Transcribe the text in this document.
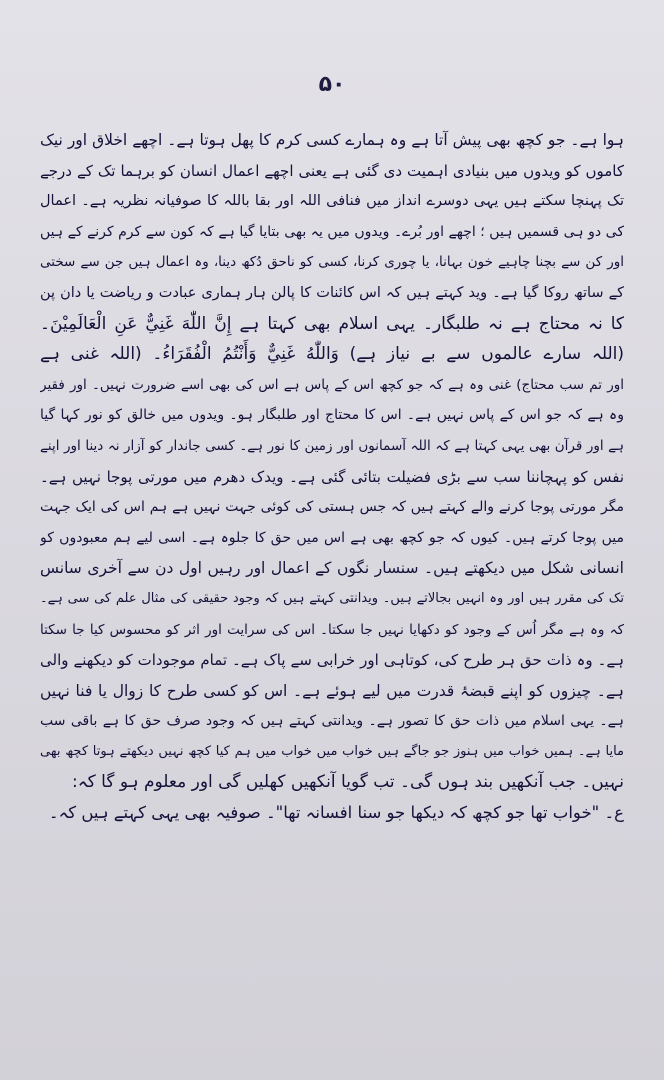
۵۰
ہوا ہے۔ جو کچھ بھی پیش آتا ہے وہ ہمارے کسی کرم کا پھل ہوتا ہے۔ اچھے اخلاق اور نیک
کاموں کو ویدوں میں بنیادی اہمیت دی گئی ہے یعنی اچھے اعمال انسان کو برہما تک کے درجے
تک پہنچا سکتے ہیں یہی دوسرے انداز میں فنافی اللہ اور بقا باللہ کا صوفیانہ نظریہ ہے۔ اعمال
کی دو ہی قسمیں ہیں ؛ اچھے اور بُرے۔ ویدوں میں یہ بھی بتایا گیا ہے کہ کون سے کرم کرنے کے ہیں
اور کن سے بچنا چاہیے خون بہانا، یا چوری کرنا، کسی کو ناحق دُکھ دینا، وہ اعمال ہیں جن سے سختی
کے ساتھ روکا گیا ہے۔ وید کہتے ہیں کہ اس کائنات کا پالن ہار ہماری عبادت و ریاضت یا دان پن
کا نہ محتاج ہے نہ طلبگار۔ یہی اسلام بھی کہتا ہے إِنَّ اللّٰهَ غَنِيٌّ عَنِ الْعَالَمِيْنَ۔
(اللہ سارے عالموں سے بے نیاز ہے) وَاللّٰهُ غَنِيٌّ وَأَنْتُمُ الْفُقَرَاءُ۔ (اللہ غنی ہے
اور تم سب محتاج) غنی وہ ہے کہ جو کچھ اس کے پاس ہے اس کی بھی اسے ضرورت نہیں۔ اور فقیر
وہ ہے کہ جو اس کے پاس نہیں ہے۔ اس کا محتاج اور طلبگار ہو۔ ویدوں میں خالق کو نور کہا گیا
ہے اور قرآن بھی یہی کہتا ہے کہ اللہ آسمانوں اور زمین کا نور ہے۔ کسی جاندار کو آزار نہ دینا اور اپنے
نفس کو پہچاننا سب سے بڑی فضیلت بتائی گئی ہے۔ ویدک دھرم میں مورتی پوجا نہیں ہے۔
مگر مورتی پوجا کرنے والے کہتے ہیں کہ جس ہستی کی کوئی جہت نہیں ہے ہم اس کی ایک جہت
میں پوجا کرتے ہیں۔ کیوں کہ جو کچھ بھی ہے اس میں حق کا جلوہ ہے۔ اسی لیے ہم معبودوں کو
انسانی شکل میں دیکھتے ہیں۔ سنسار نگوں کے اعمال اور رہیں اول دن سے آخری سانس
تک کی مقرر ہیں اور وہ انہیں بجالاتے ہیں۔ ویدانتی کہتے ہیں کہ وجود حقیقی کی مثال علم کی سی ہے۔
کہ وہ ہے مگر اُس کے وجود کو دکھایا نہیں جا سکتا۔ اس کی سرایت اور اثر کو محسوس کیا جا سکتا
ہے۔ وہ ذات حق ہر طرح کی، کوتاہی اور خرابی سے پاک ہے۔ تمام موجودات کو دیکھنے والی
ہے۔ چیزوں کو اپنے قبضۂ قدرت میں لیے ہوئے ہے۔ اس کو کسی طرح کا زوال یا فنا نہیں
ہے۔ یہی اسلام میں ذات حق کا تصور ہے۔ ویدانتی کہتے ہیں کہ وجود صرف حق کا ہے باقی سب
مایا ہے۔ ہمیں خواب میں ہنوز جو جاگے ہیں خواب میں خواب میں ہم کیا کچھ نہیں دیکھتے ہوتا کچھ بھی
نہیں۔ جب آنکھیں بند ہوں گی۔ تب گویا آنکھیں کھلیں گی اور معلوم ہو گا کہ:
ع۔ "خواب تھا جو کچھ کہ دیکھا جو سنا افسانہ تھا"۔ صوفیہ بھی یہی کہتے ہیں کہ۔
